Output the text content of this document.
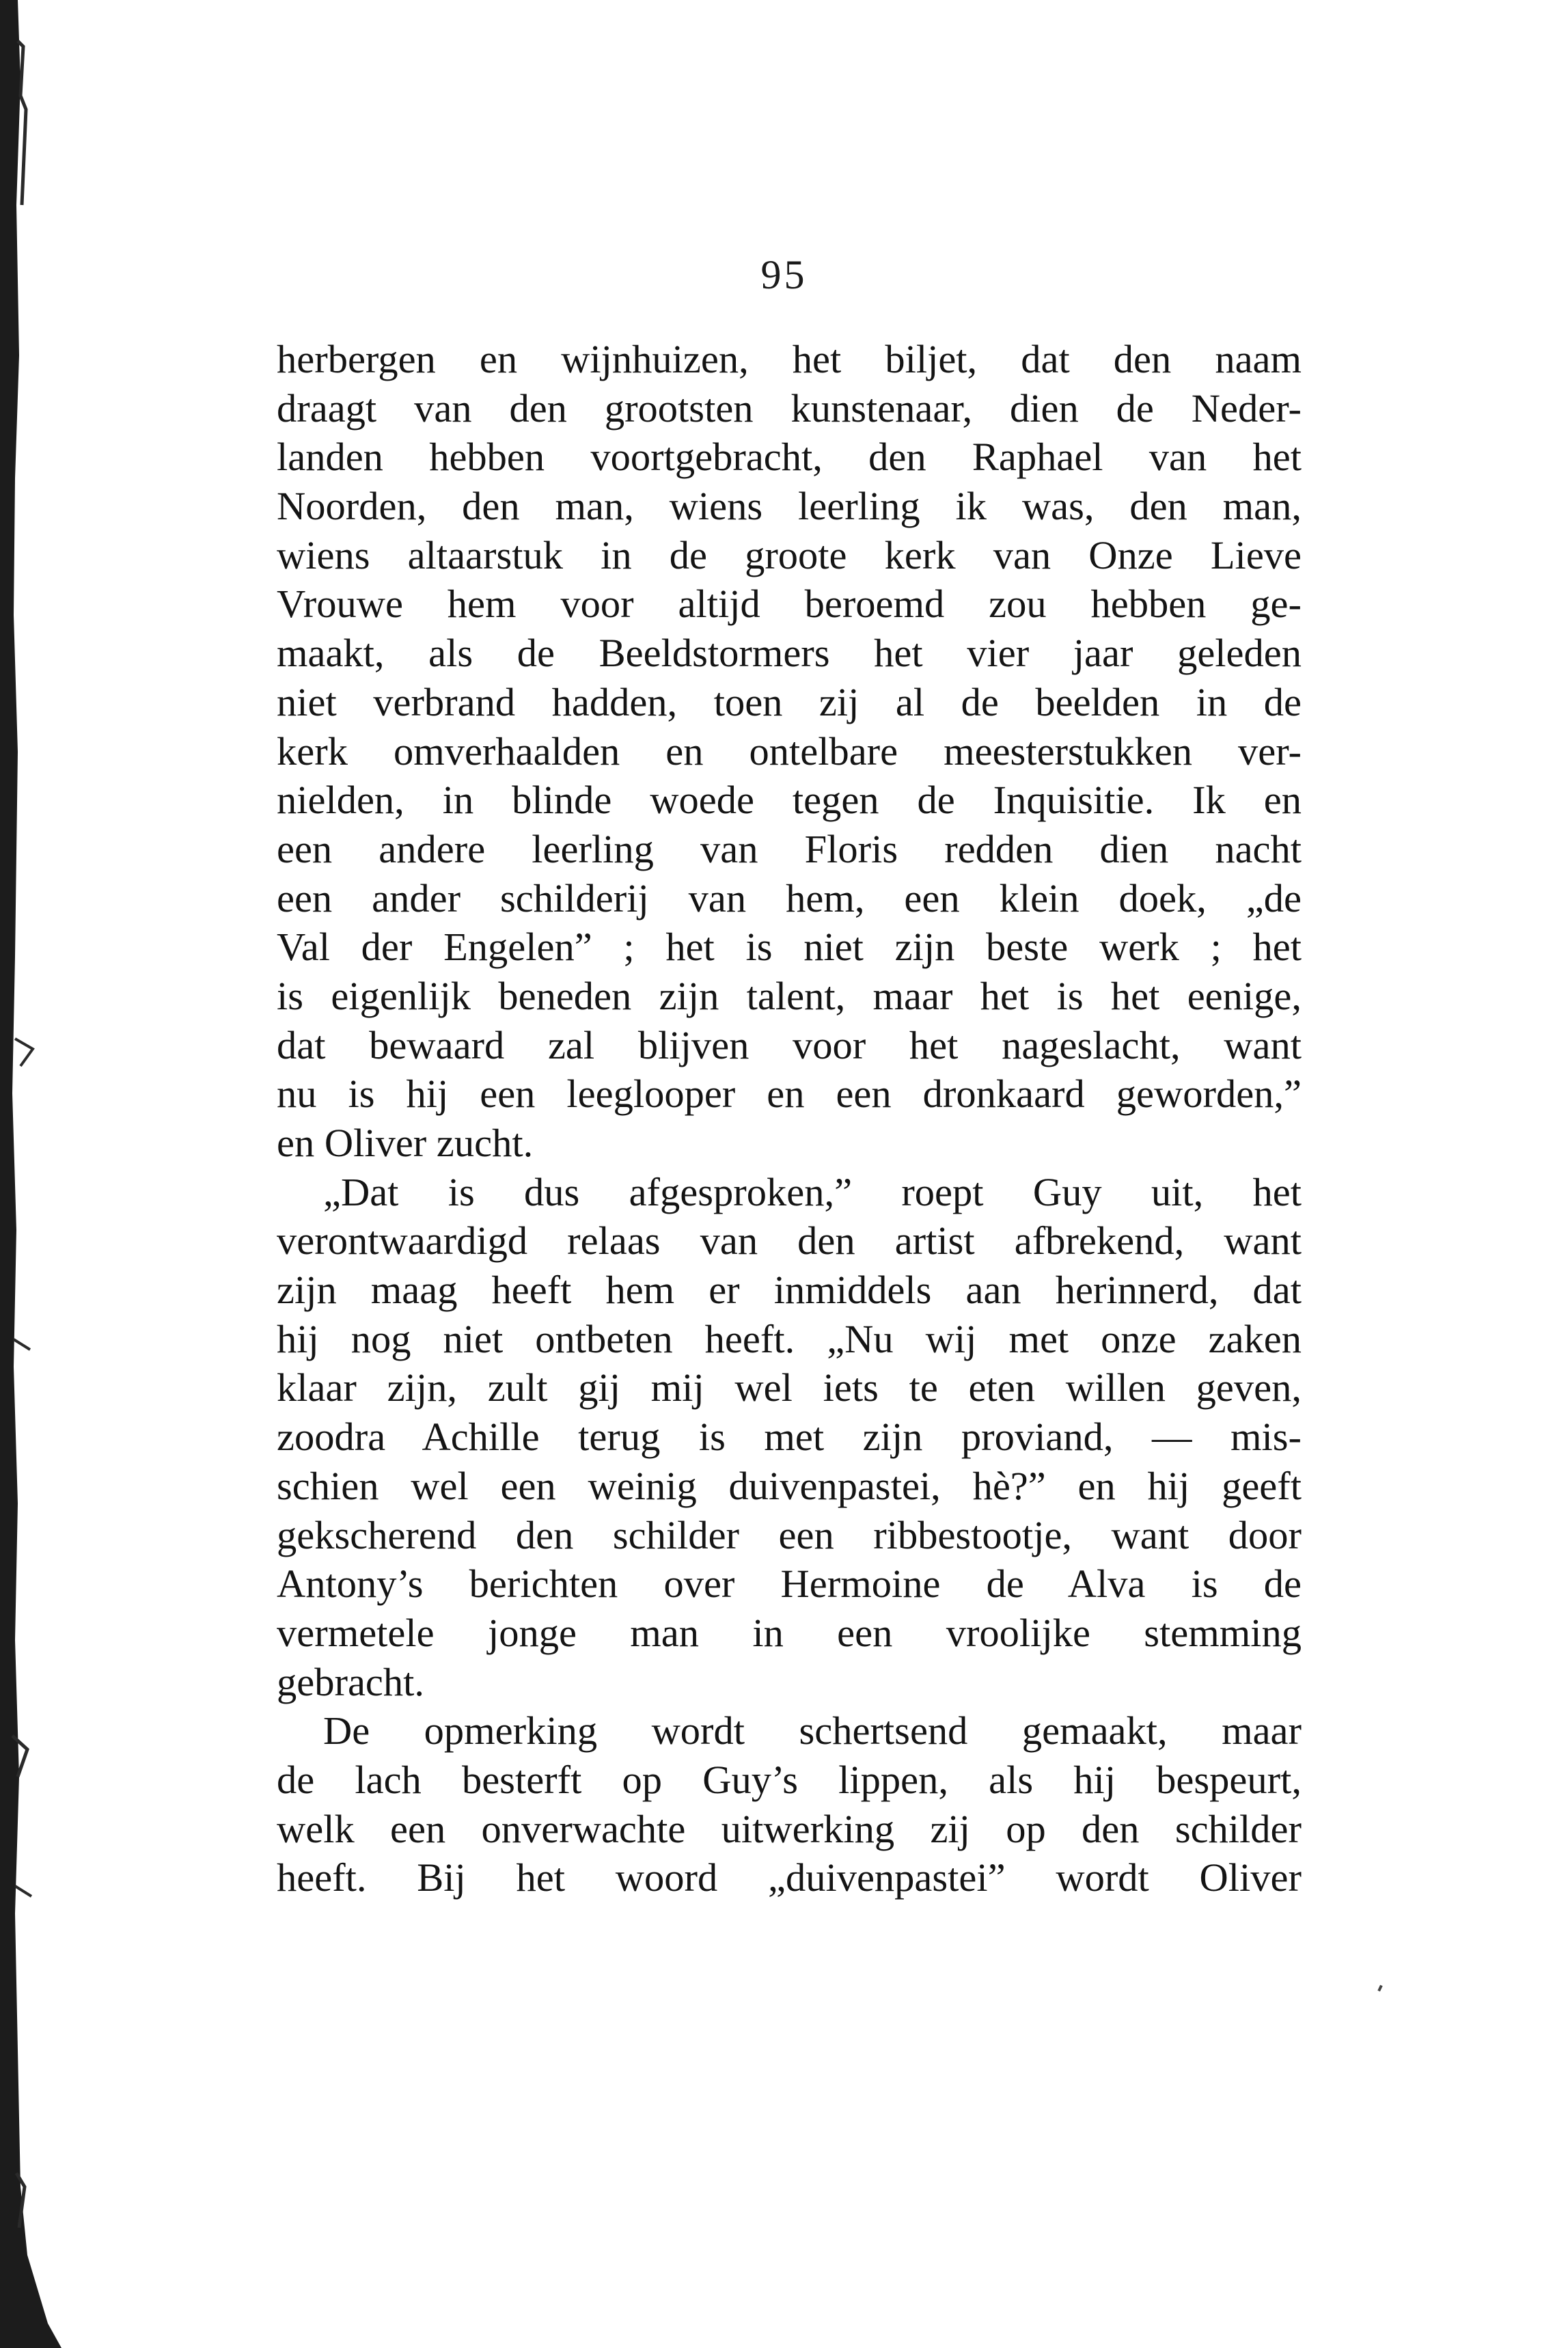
95
herbergen en wijnhuizen, het biljet, dat den naam
draagt van den grootsten kunstenaar, dien de Neder-
landen hebben voortgebracht, den Raphael van het
Noorden, den man, wiens leerling ik was, den man,
wiens altaarstuk in de groote kerk van Onze Lieve
Vrouwe hem voor altijd beroemd zou hebben ge-
maakt, als de Beeldstormers het vier jaar geleden
niet verbrand hadden, toen zij al de beelden in de
kerk omverhaalden en ontelbare meesterstukken ver-
nielden, in blinde woede tegen de Inquisitie. Ik en
een andere leerling van Floris redden dien nacht
een ander schilderij van hem, een klein doek, „de
Val der Engelen” ; het is niet zijn beste werk ; het
is eigenlijk beneden zijn talent, maar het is het eenige,
dat bewaard zal blijven voor het nageslacht, want
nu is hij een leeglooper en een dronkaard geworden,”
en Oliver zucht.
„Dat is dus afgesproken,” roept Guy uit, het
verontwaardigd relaas van den artist afbrekend, want
zijn maag heeft hem er inmiddels aan herinnerd, dat
hij nog niet ontbeten heeft. „Nu wij met onze zaken
klaar zijn, zult gij mij wel iets te eten willen geven,
zoodra Achille terug is met zijn proviand, — mis-
schien wel een weinig duivenpastei, hè?” en hij geeft
gekscherend den schilder een ribbestootje, want door
Antony’s berichten over Hermoine de Alva is de
vermetele jonge man in een vroolijke stemming
gebracht.
De opmerking wordt schertsend gemaakt, maar
de lach besterft op Guy’s lippen, als hij bespeurt,
welk een onverwachte uitwerking zij op den schilder
heeft. Bij het woord „duivenpastei” wordt Oliver
